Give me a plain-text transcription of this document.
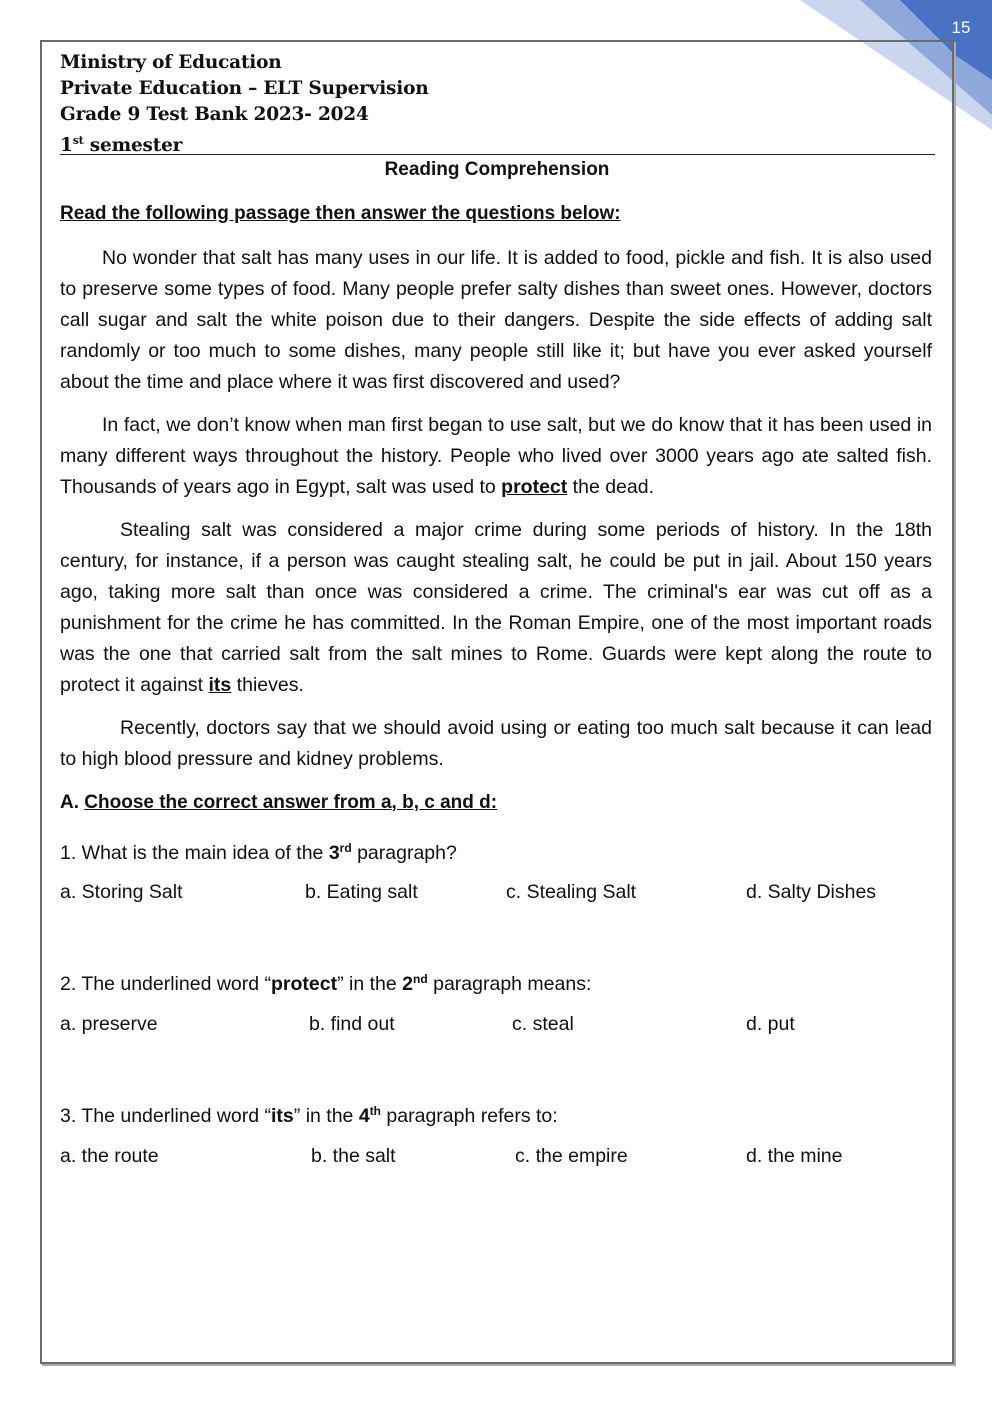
15
Ministry of Education
Private Education – ELT Supervision
Grade 9 Test Bank 2023- 2024
1st semester
Reading Comprehension
Read the following passage then answer the questions below:

No wonder that salt has many uses in our life. It is added to food, pickle and fish. It is also used to preserve some types of food. Many people prefer salty dishes than sweet ones. However, doctors call sugar and salt the white poison due to their dangers. Despite the side effects of adding salt randomly or too much to some dishes, many people still like it; but have you ever asked yourself about the time and place where it was first discovered and used?

In fact, we don’t know when man first began to use salt, but we do know that it has been used in many different ways throughout the history. People who lived over 3000 years ago ate salted fish. Thousands of years ago in Egypt, salt was used to protect the dead.

Stealing salt was considered a major crime during some periods of history. In the 18th century, for instance, if a person was caught stealing salt, he could be put in jail. About 150 years ago, taking more salt than once was considered a crime. The criminal's ear was cut off as a punishment for the crime he has committed. In the Roman Empire, one of the most important roads was the one that carried salt from the salt mines to Rome. Guards were kept along the route to protect it against its thieves.

Recently, doctors say that we should avoid using or eating too much salt because it can lead to high blood pressure and kidney problems.

A. Choose the correct answer from a, b, c and d:
1. What is the main idea of the 3rd paragraph?
a. Storing Salt	b. Eating salt	c. Stealing Salt	d. Salty Dishes
2. The underlined word “protect” in the 2nd paragraph means:
a. preserve	b. find out	c. steal	d. put
3. The underlined word “its” in the 4th paragraph refers to:
a. the route	b. the salt	c. the empire	d. the mine
